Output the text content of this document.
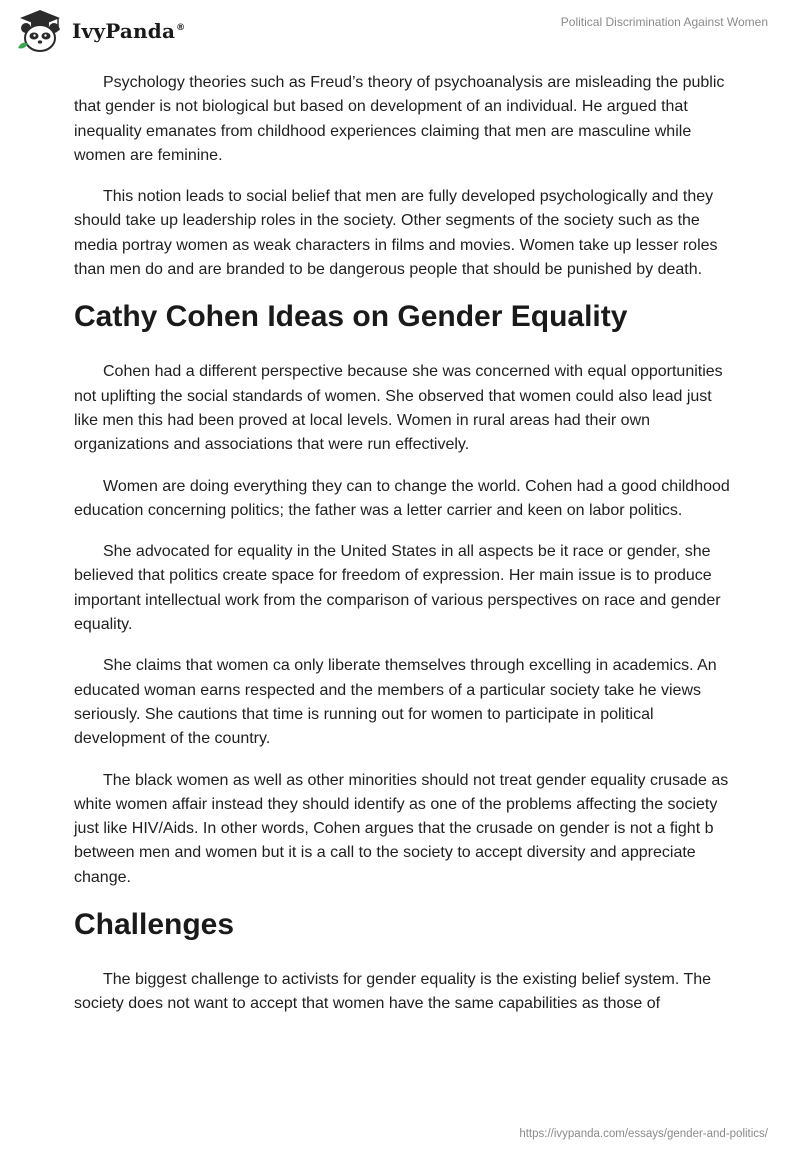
IvyPanda®	Political Discrimination Against Women

Psychology theories such as Freud’s theory of psychoanalysis are misleading the public that gender is not biological but based on development of an individual. He argued that inequality emanates from childhood experiences claiming that men are masculine while women are feminine.

This notion leads to social belief that men are fully developed psychologically and they should take up leadership roles in the society. Other segments of the society such as the media portray women as weak characters in films and movies. Women take up lesser roles than men do and are branded to be dangerous people that should be punished by death.

Cathy Cohen Ideas on Gender Equality

Cohen had a different perspective because she was concerned with equal opportunities not uplifting the social standards of women. She observed that women could also lead just like men this had been proved at local levels. Women in rural areas had their own organizations and associations that were run effectively.

Women are doing everything they can to change the world. Cohen had a good childhood education concerning politics; the father was a letter carrier and keen on labor politics.

She advocated for equality in the United States in all aspects be it race or gender, she believed that politics create space for freedom of expression. Her main issue is to produce important intellectual work from the comparison of various perspectives on race and gender equality.

She claims that women ca only liberate themselves through excelling in academics. An educated woman earns respected and the members of a particular society take he views seriously. She cautions that time is running out for women to participate in political development of the country.

The black women as well as other minorities should not treat gender equality crusade as white women affair instead they should identify as one of the problems affecting the society just like HIV/Aids. In other words, Cohen argues that the crusade on gender is not a fight b between men and women but it is a call to the society to accept diversity and appreciate change.

Challenges

The biggest challenge to activists for gender equality is the existing belief system. The society does not want to accept that women have the same capabilities as those of

https://ivypanda.com/essays/gender-and-politics/
